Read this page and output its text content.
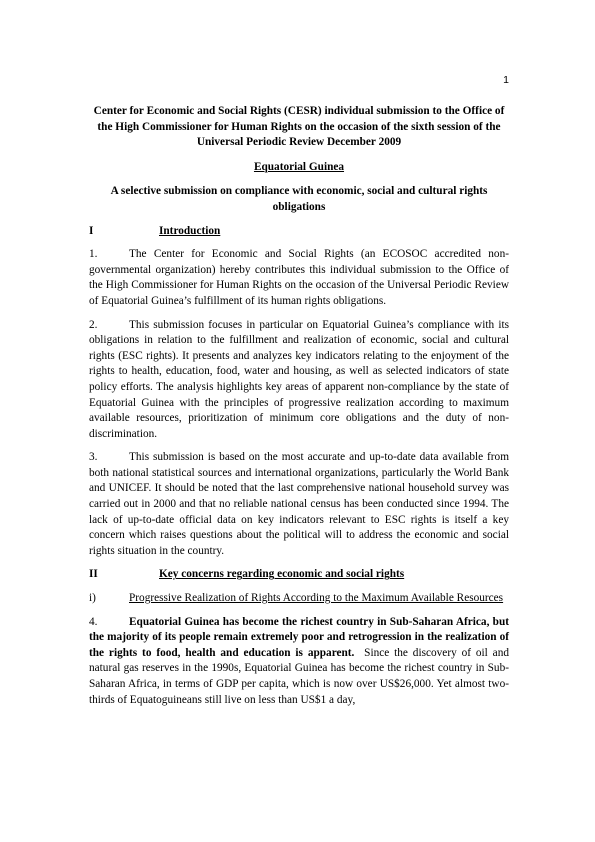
1

Center for Economic and Social Rights (CESR) individual submission to the Office of the High Commissioner for Human Rights on the occasion of the sixth session of the Universal Periodic Review December 2009

Equatorial Guinea

A selective submission on compliance with economic, social and cultural rights obligations

I	Introduction

1.	The Center for Economic and Social Rights (an ECOSOC accredited non-governmental organization) hereby contributes this individual submission to the Office of the High Commissioner for Human Rights on the occasion of the Universal Periodic Review of Equatorial Guinea’s fulfillment of its human rights obligations.

2.	This submission focuses in particular on Equatorial Guinea’s compliance with its obligations in relation to the fulfillment and realization of economic, social and cultural rights (ESC rights). It presents and analyzes key indicators relating to the enjoyment of the rights to health, education, food, water and housing, as well as selected indicators of state policy efforts. The analysis highlights key areas of apparent non-compliance by the state of Equatorial Guinea with the principles of progressive realization according to maximum available resources, prioritization of minimum core obligations and the duty of non-discrimination.

3.	This submission is based on the most accurate and up-to-date data available from both national statistical sources and international organizations, particularly the World Bank and UNICEF. It should be noted that the last comprehensive national household survey was carried out in 2000 and that no reliable national census has been conducted since 1994. The lack of up-to-date official data on key indicators relevant to ESC rights is itself a key concern which raises questions about the political will to address the economic and social rights situation in the country.

II	Key concerns regarding economic and social rights
i)	Progressive Realization of Rights According to the Maximum Available Resources

4.	Equatorial Guinea has become the richest country in Sub-Saharan Africa, but the majority of its people remain extremely poor and retrogression in the realization of the rights to food, health and education is apparent. Since the discovery of oil and natural gas reserves in the 1990s, Equatorial Guinea has become the richest country in Sub-Saharan Africa, in terms of GDP per capita, which is now over US$26,000. Yet almost two-thirds of Equatoguineans still live on less than US$1 a day,
